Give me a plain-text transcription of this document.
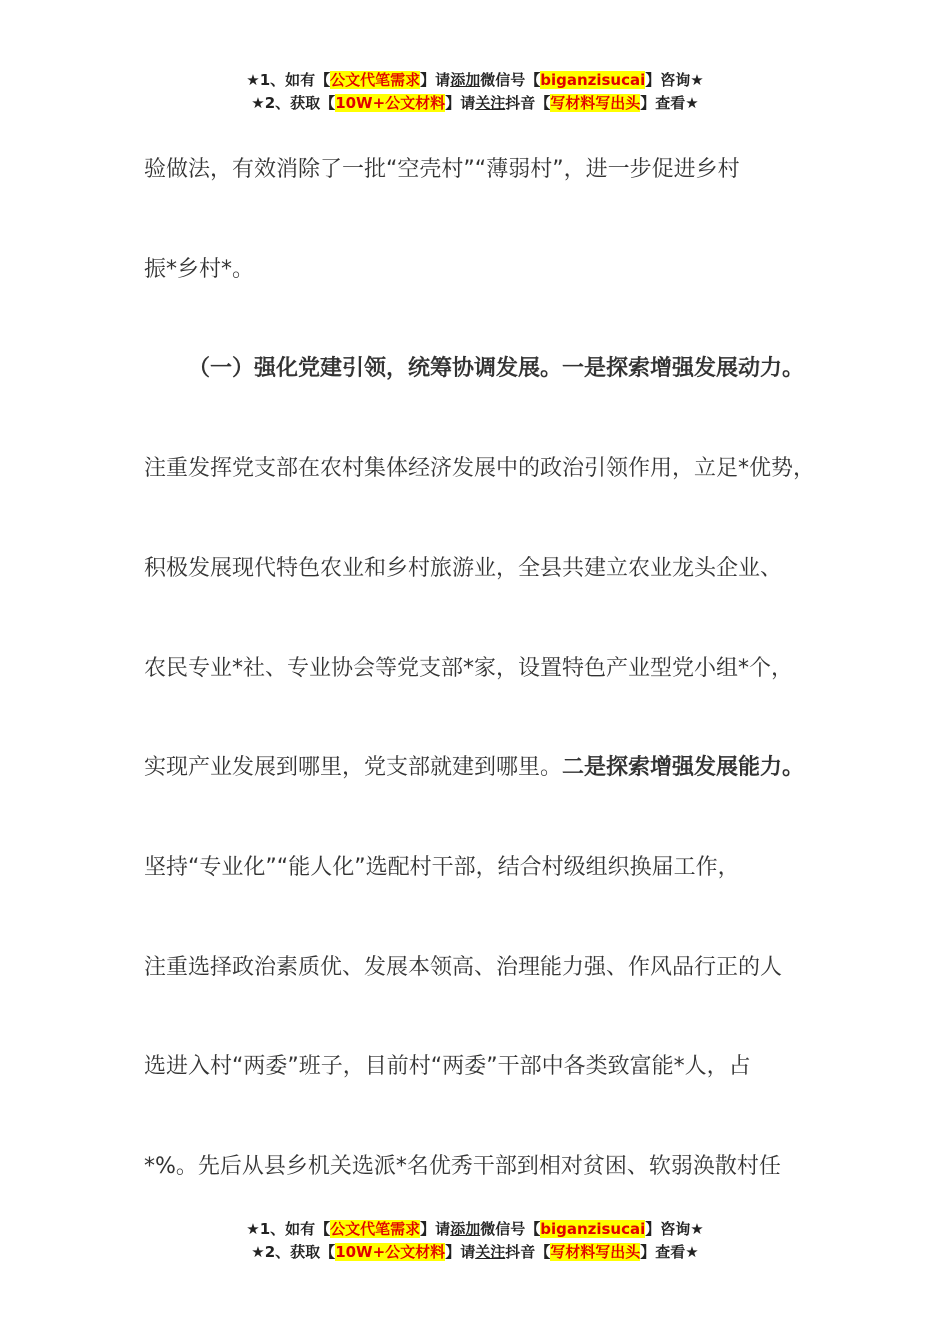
★1、如有【公文代笔需求】请添加微信号【biganzisucai】咨询★
★2、获取【10W+公文材料】请关注抖音【写材料写出头】查看★

验做法，有效消除了一批“空壳村”“薄弱村”，进一步促进乡村

振*乡村*。

（一）强化党建引领，统筹协调发展。一是探索增强发展动力。

注重发挥党支部在农村集体经济发展中的政治引领作用，立足*优势，

积极发展现代特色农业和乡村旅游业，全县共建立农业龙头企业、

农民专业*社、专业协会等党支部*家，设置特色产业型党小组*个，

实现产业发展到哪里，党支部就建到哪里。二是探索增强发展能力。

坚持“专业化”“能人化”选配村干部，结合村级组织换届工作，

注重选择政治素质优、发展本领高、治理能力强、作风品行正的人

选进入村“两委”班子，目前村“两委”干部中各类致富能*人，占

*%。先后从县乡机关选派*名优秀干部到相对贫困、软弱涣散村任

★1、如有【公文代笔需求】请添加微信号【biganzisucai】咨询★
★2、获取【10W+公文材料】请关注抖音【写材料写出头】查看★
